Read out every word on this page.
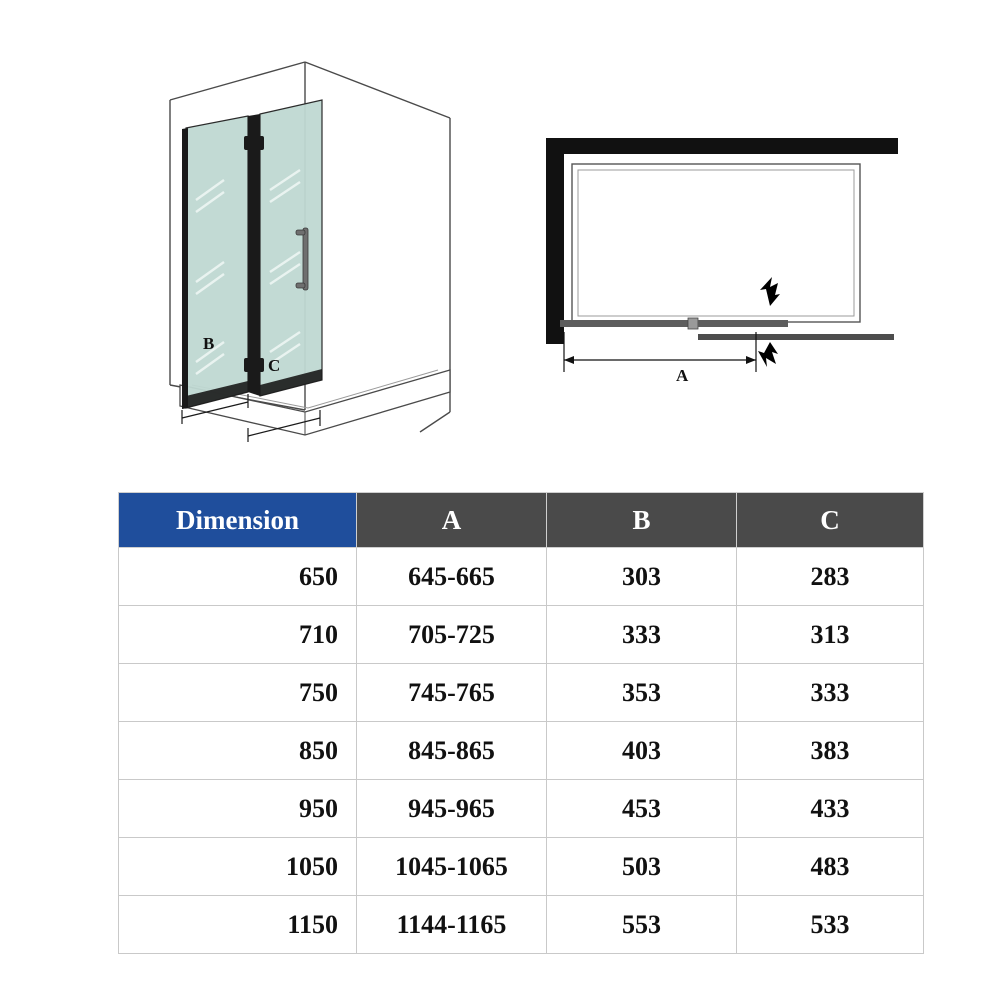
B
C
A
Dimension	A	B	C
650	645-665	303	283
710	705-725	333	313
750	745-765	353	333
850	845-865	403	383
950	945-965	453	433
1050	1045-1065	503	483
1150	1144-1165	553	533
